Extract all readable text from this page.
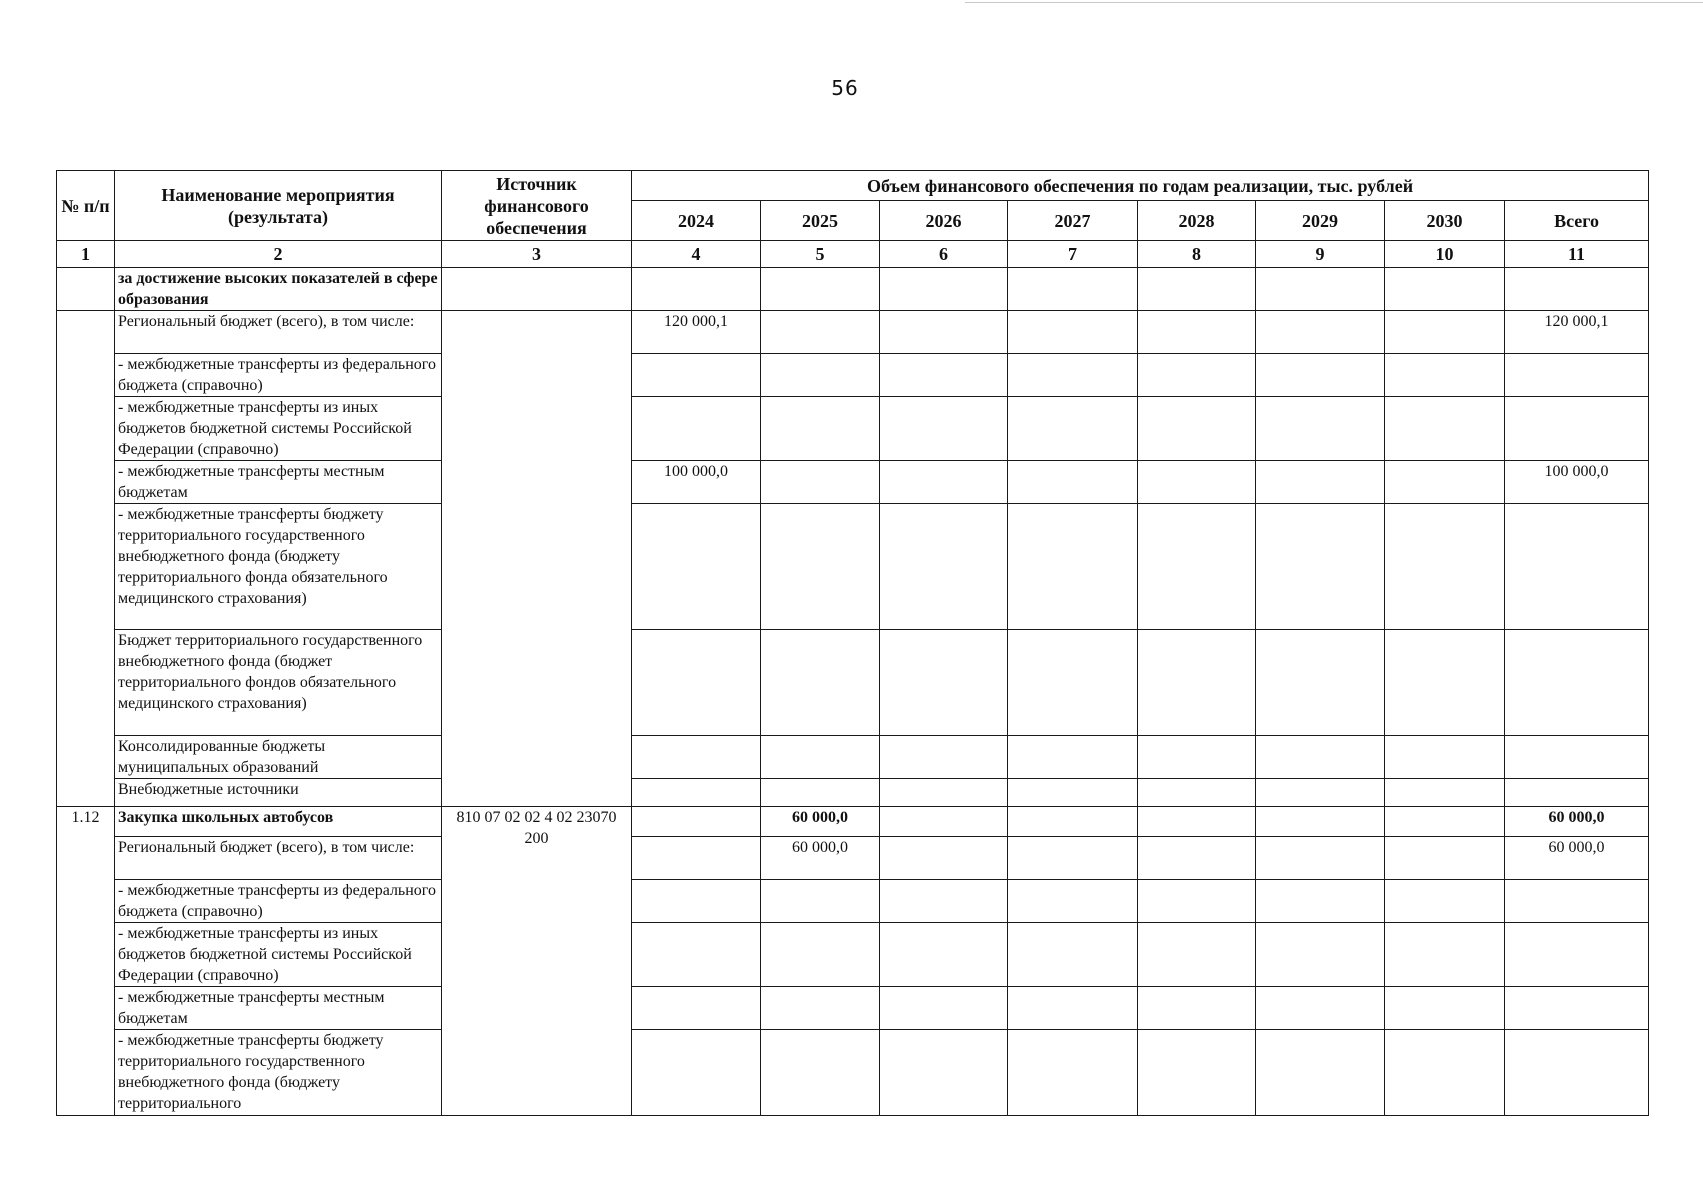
56
№ п/п	Наименование мероприятия (результата)	Источник финансового обеспечения	Объем финансового обеспечения по годам реализации, тыс. рублей							
			2024	2025	2026	2027	2028	2029	2030	Всего
1	2	3	4	5	6	7	8	9	10	11
	за достижение высоких показателей в сфере образования									
	Региональный бюджет (всего), в том числе:		120 000,1							120 000,1
	- межбюджетные трансферты из федерального бюджета (справочно)									
	- межбюджетные трансферты из иных бюджетов бюджетной системы Российской Федерации (справочно)									
	- межбюджетные трансферты местным бюджетам		100 000,0							100 000,0
	- межбюджетные трансферты бюджету территориального государственного внебюджетного фонда (бюджету территориального фонда обязательного медицинского страхования)									
	Бюджет территориального государственного внебюджетного фонда (бюджет территориального фондов обязательного медицинского страхования)									
	Консолидированные бюджеты муниципальных образований									
	Внебюджетные источники									
1.12	Закупка школьных автобусов	810 07 02 02 4 02 23070 200		60 000,0						60 000,0
	Региональный бюджет (всего), в том числе:			60 000,0						60 000,0
	- межбюджетные трансферты из федерального бюджета (справочно)									
	- межбюджетные трансферты из иных бюджетов бюджетной системы Российской Федерации (справочно)									
	- межбюджетные трансферты местным бюджетам									
	- межбюджетные трансферты бюджету территориального государственного внебюджетного фонда (бюджету территориального									
